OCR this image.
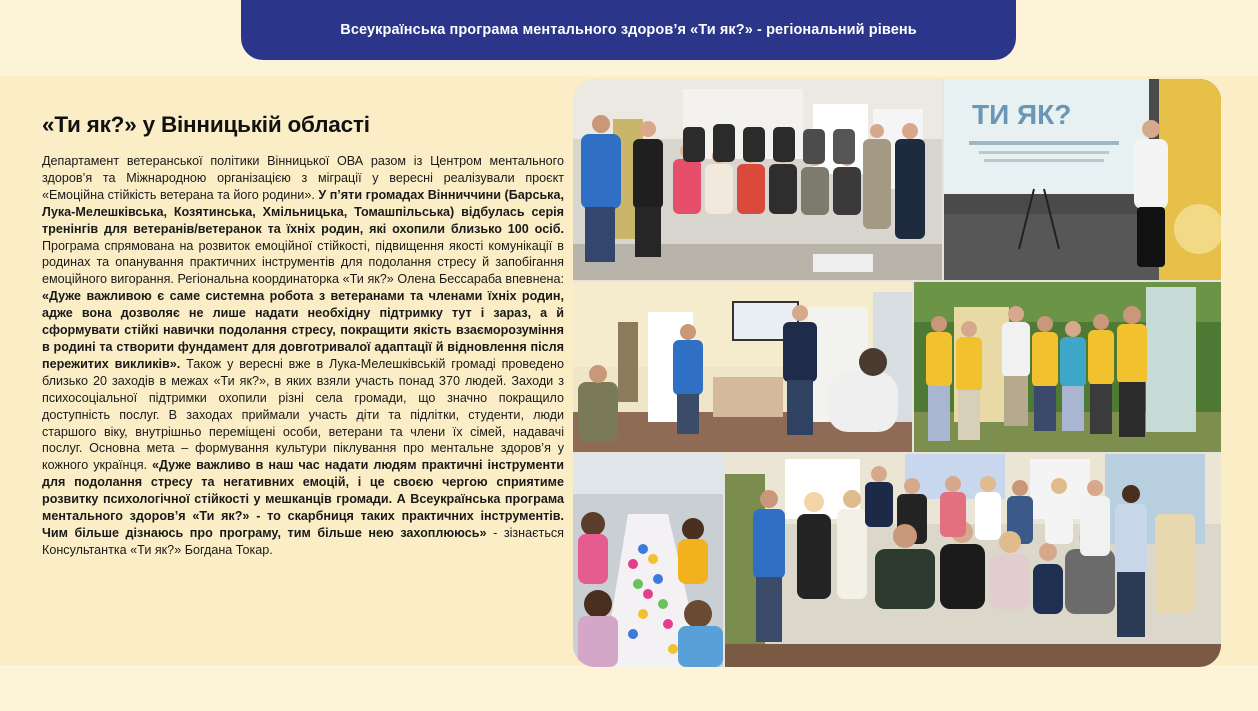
Всеукраїнська програма ментального здоров’я «Ти як?» - регіональний рівень
«Ти як?» у Вінницькій області
Департамент ветеранської політики Вінницької ОВА разом із Центром ментального здоров’я та Міжнародною організацією з міграції у вересні реалізували проєкт «Емоційна стійкість ветерана та його родини». У п’яти громадах Вінниччини (Барська, Лука-Мелешківська, Козятинська, Хмільницька, Томашпільська) відбулась серія тренінгів для ветеранів/ветеранок та їхніх родин, які охопили близько 100 осіб. Програма спрямована на розвиток емоційної стійкості, підвищення якості комунікації в родинах та опанування практичних інструментів для подолання стресу й запобігання емоційного вигорання. Регіональна координаторка «Ти як?» Олена Бессараба впевнена: «Дуже важливою є саме системна робота з ветеранами та членами їхніх родин, адже вона дозволяє не лише надати необхідну підтримку тут і зараз, а й сформувати стійкі навички подолання стресу, покращити якість взаєморозуміння в родині та створити фундамент для довготривалої адаптації й відновлення після пережитих викликів». Також у вересні вже в Лука-Мелешківській громаді проведено близько 20 заходів в межах «Ти як?», в яких взяли участь понад 370 людей. Заходи з психосоціальної підтримки охопили різні села громади, що значно покращило доступність послуг. В заходах приймали участь діти та підлітки, студенти, люди старшого віку, внутрішньо переміщені особи, ветерани та члени їх сімей, надавачі послуг. Основна мета – формування культури піклування про ментальне здоров’я у кожного українця. «Дуже важливо в наш час надати людям практичні інструменти для подолання стресу та негативних емоцій, і це своєю чергою сприятиме розвитку психологічної стійкості у мешканців громади. А Всеукраїнська програма ментального здоров’я «Ти як?» - то скарбниця таких практичних інструментів. Чим більше дізнаюсь про програму, тим більше нею захоплююсь» - зізнається Консультантка «Ти як?» Богдана Токар.
ТИ ЯК?
